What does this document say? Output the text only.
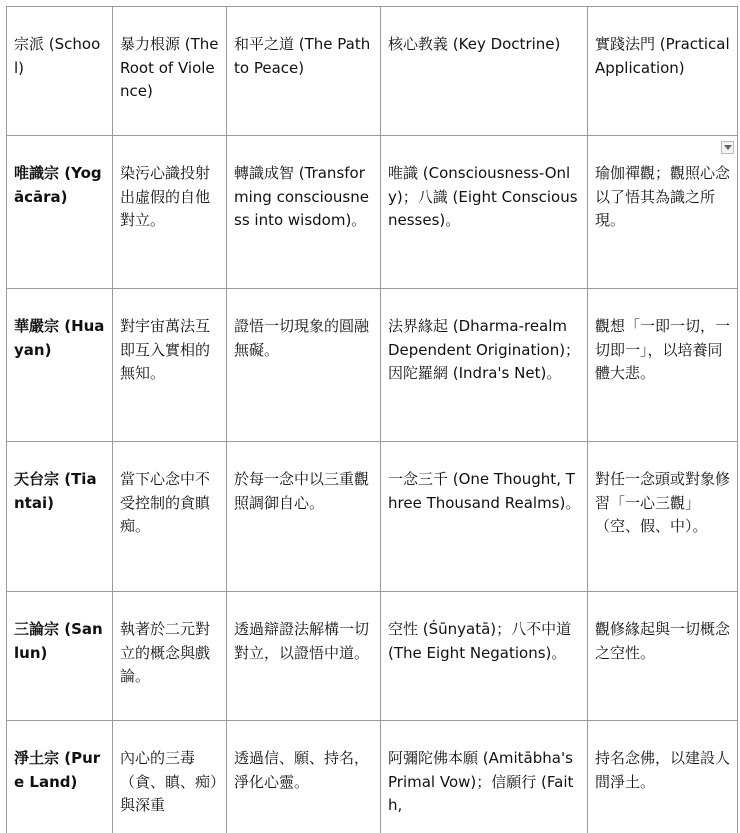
宗派 (School)	暴力根源 (The Root of Violence)	和平之道 (The Path to Peace)	核心教義 (Key Doctrine)	實踐法門 (Practical Application)
唯識宗 (Yogācāra)	染污心識投射出虛假的自他對立。	轉識成智 (Transforming consciousness into wisdom)。	唯識 (Consciousness-Only)；八識 (Eight Consciousnesses)。	瑜伽禪觀；觀照心念以了悟其為識之所現。

華嚴宗 (Huayan)	對宇宙萬法互即互入實相的無知。	證悟一切現象的圓融無礙。	法界緣起 (Dharma-realm Dependent Origination)；因陀羅網 (Indra's Net)。	觀想「一即一切，一切即一」，以培養同體大悲。
天台宗 (Tiantai)	當下心念中不受控制的貪瞋痴。	於每一念中以三重觀照調御自心。	一念三千 (One Thought, Three Thousand Realms)。	對任一念頭或對象修習「一心三觀」（空、假、中）。
三論宗 (Sanlun)	執著於二元對立的概念與戲論。	透過辯證法解構一切對立，以證悟中道。	空性 (Śūnyatā)；八不中道 (The Eight Negations)。	觀修緣起與一切概念之空性。
淨土宗 (Pure Land)	內心的三毒（貪、瞋、痴）與深重	透過信、願、持名，淨化心靈。	阿彌陀佛本願 (Amitābha's Primal Vow)；信願行 (Faith,	持名念佛，以建設人間淨土。
